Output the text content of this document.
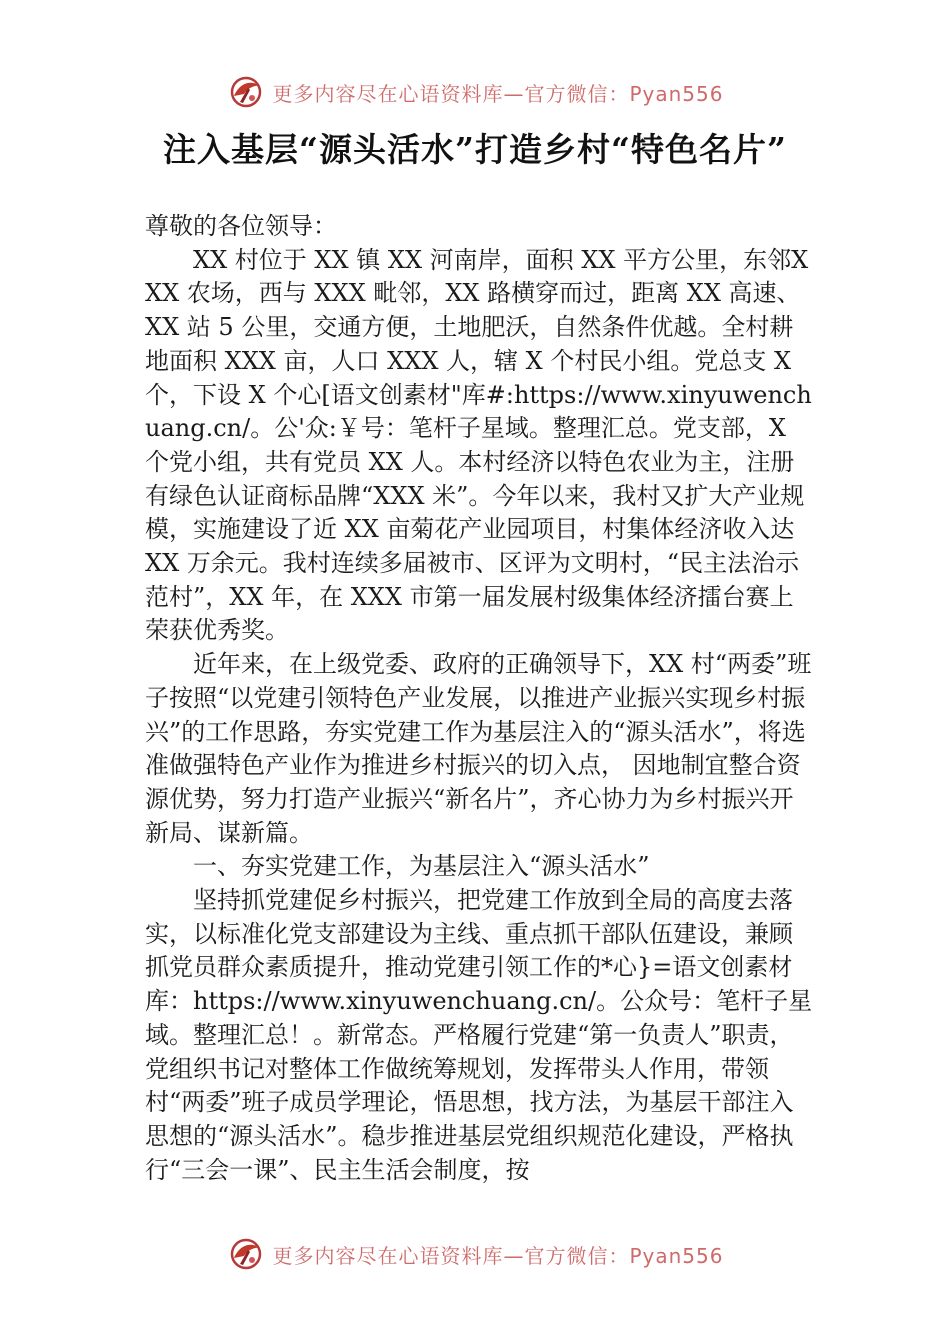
更多内容尽在心语资料库—官方微信：Pyan556
注入基层“源头活水”打造乡村“特色名片”

尊敬的各位领导：

XX 村位于 XX 镇 XX 河南岸，面积 XX 平方公里，东邻XXX 农场，西与 XXX 毗邻，XX 路横穿而过，距离 XX 高速、XX 站 5 公里，交通方便，土地肥沃，自然条件优越。全村耕地面积 XXX 亩，人口 XXX 人，辖 X 个村民小组。党总支 X 个，下设 X 个心[语文创素材"库#:https://www.xinyuwenchuang.cn/。公'众:￥号：笔杆子星域。整理汇总。党支部，X 个党小组，共有党员 XX 人。本村经济以特色农业为主，注册有绿色认证商标品牌“XXX 米”。今年以来，我村又扩大产业规模，实施建设了近 XX 亩菊花产业园项目，村集体经济收入达 XX 万余元。我村连续多届被市、区评为文明村，“民主法治示范村”，XX 年，在 XXX 市第一届发展村级集体经济擂台赛上荣获优秀奖。

近年来，在上级党委、政府的正确领导下，XX 村“两委”班子按照“以党建引领特色产业发展，以推进产业振兴实现乡村振兴”的工作思路，夯实党建工作为基层注入的“源头活水”，将选准做强特色产业作为推进乡村振兴的切入点， 因地制宜整合资源优势，努力打造产业振兴“新名片”，齐心协力为乡村振兴开新局、谋新篇。

一、夯实党建工作，为基层注入“源头活水”

坚持抓党建促乡村振兴，把党建工作放到全局的高度去落实，以标准化党支部建设为主线、重点抓干部队伍建设，兼顾抓党员群众素质提升，推动党建引领工作的*心}=语文创素材库：https://www.xinyuwenchuang.cn/。公众号：笔杆子星域。整理汇总！。新常态。严格履行党建“第一负责人”职责，党组织书记对整体工作做统筹规划，发挥带头人作用，带领村“两委”班子成员学理论，悟思想，找方法，为基层干部注入思想的“源头活水”。稳步推进基层党组织规范化建设，严格执行“三会一课”、民主生活会制度，按

更多内容尽在心语资料库—官方微信：Pyan556
